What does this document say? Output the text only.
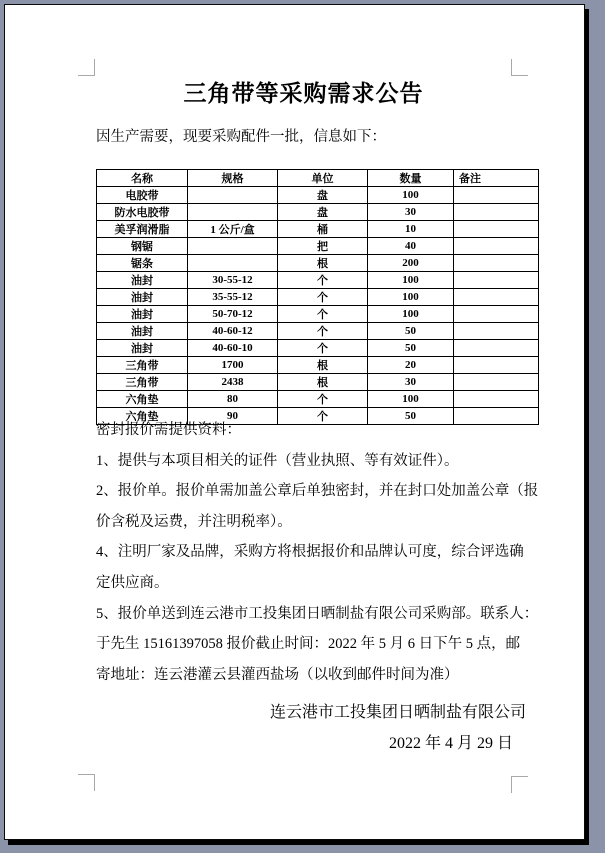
三角带等采购需求公告
因生产需要，现要采购配件一批，信息如下：
名称	规格	单位	数量	备注
电胶带		盘	100	
防水电胶带		盘	30	
美孚润滑脂	1 公斤/盒	桶	10	
钢锯		把	40	
锯条		根	200	
油封	30-55-12	个	100	
油封	35-55-12	个	100	
油封	50-70-12	个	100	
油封	40-60-12	个	50	
油封	40-60-10	个	50	
三角带	1700	根	20	
三角带	2438	根	30	
六角垫	80	个	100	
六角垫	90	个	50	
密封报价需提供资料：
1、提供与本项目相关的证件（营业执照、等有效证件）。
2、报价单。报价单需加盖公章后单独密封，并在封口处加盖公章（报
价含税及运费，并注明税率）。
4、注明厂家及品牌，采购方将根据报价和品牌认可度，综合评选确
定供应商。
5、报价单送到连云港市工投集团日晒制盐有限公司采购部。联系人：
于先生 15161397058 报价截止时间：2022 年 5 月 6 日下午 5 点，邮
寄地址：连云港灌云县灌西盐场（以收到邮件时间为准）
连云港市工投集团日晒制盐有限公司
2022 年 4 月 29 日
